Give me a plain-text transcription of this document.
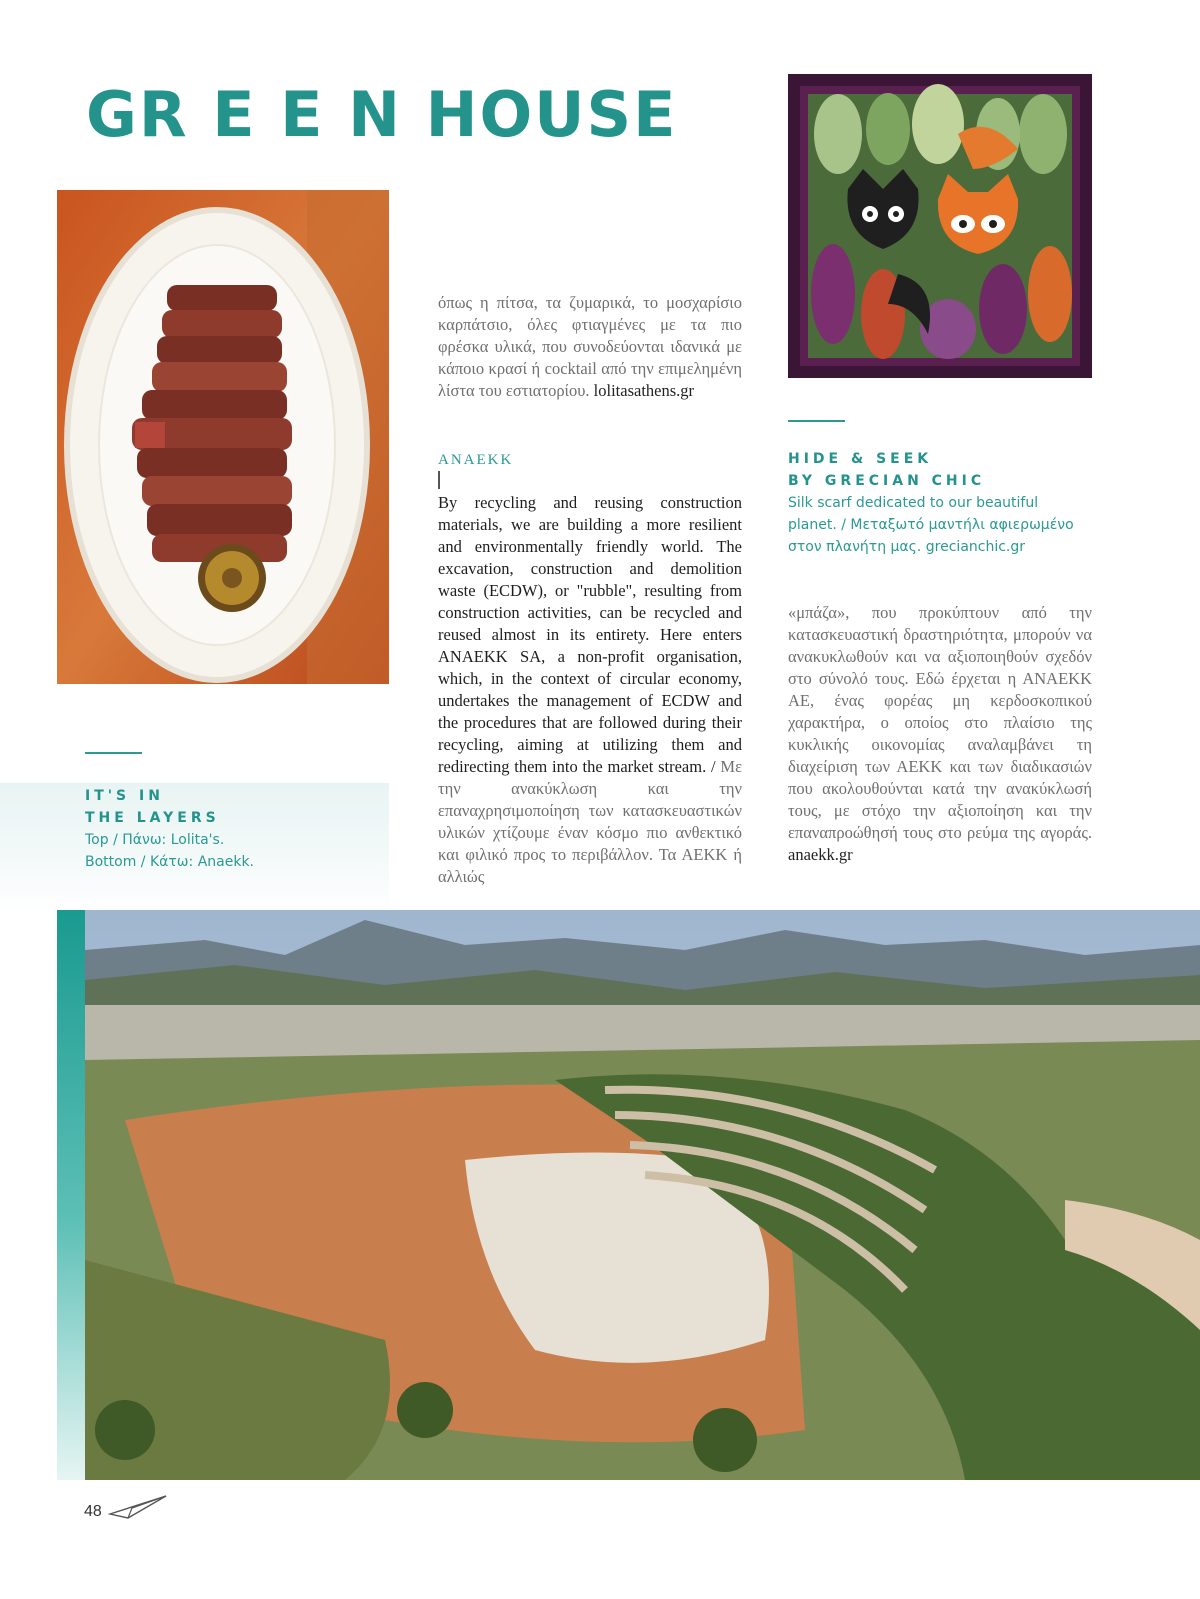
GR E E N HOUSE
IT'S IN
THE LAYERS
Top / Πάνω: Lolita's.
Bottom / Κάτω: Anaekk.
όπως η πίτσα, τα ζυμαρικά, το μοσχαρίσιο καρπάτσιο, όλες φτιαγμένες με τα πιο φρέσκα υλικά, που συνοδεύονται ιδανικά με κάποιο κρασί ή cocktail από την επιμελημένη λίστα του εστιατορίου. lolitasathens.gr
ΑΝΑΕΚΚ
By recycling and reusing construction materials, we are building a more resilient and environmentally friendly world. The excavation, construction and demolition waste (ECDW), or "rubble", resulting from construction activities, can be recycled and reused almost in its entirety. Here enters ANAEKK SA, a non-profit organisation, which, in the context of circular economy, undertakes the management of ECDW and the procedures that are followed during their recycling, aiming at utilizing them and redirecting them into the market stream. / Με την ανακύκλωση και την επαναχρησιμοποίηση των κατασκευαστικών υλικών χτίζουμε έναν κόσμο πιο ανθεκτικό και φιλικό προς το περιβάλλον. Τα ΑΕΚΚ ή αλλιώς
HIDE & SEEK
BY GRECIAN CHIC
Silk scarf dedicated to our beautiful planet. / Μεταξωτό μαντήλι αφιερωμένο στον πλανήτη μας. grecianchic.gr
«μπάζα», που προκύπτουν από την κατασκευαστική δραστηριότητα, μπορούν να ανακυκλωθούν και να αξιοποιηθούν σχεδόν στο σύνολό τους. Εδώ έρχεται η ΑΝΑΕΚΚ ΑΕ, ένας φορέας μη κερδοσκοπικού χαρακτήρα, ο οποίος στο πλαίσιο της κυκλικής οικονομίας αναλαμβάνει τη διαχείριση των ΑΕΚΚ και των διαδικασιών που ακολουθούνται κατά την ανακύκλωσή τους, με στόχο την αξιοποίηση και την επαναπροώθησή τους στο ρεύμα της αγοράς. anaekk.gr
48
